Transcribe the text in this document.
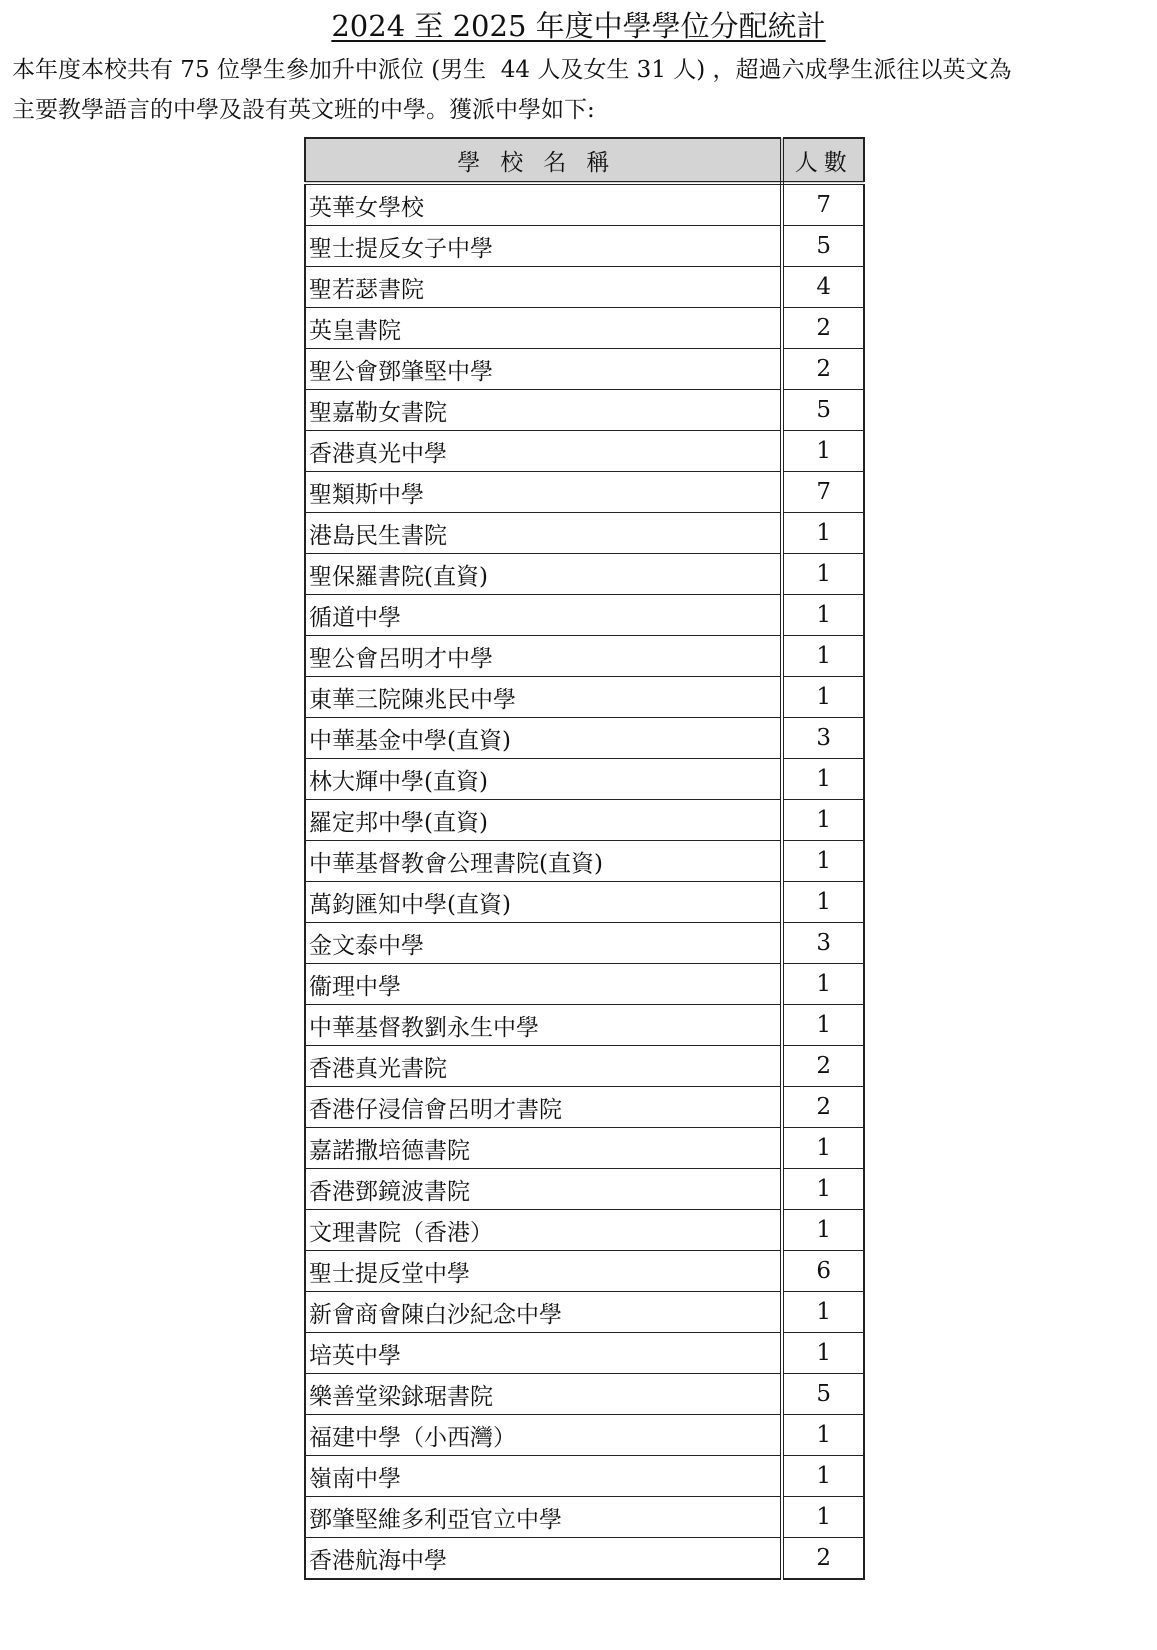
2024 至 2025 年度中學學位分配統計

本年度本校共有 75 位學生參加升中派位 (男生  44 人及女生 31 人) ，超過六成學生派往以英文為
主要教學語言的中學及設有英文班的中學。獲派中學如下:

學校名稱	人數
英華女學校	7
聖士提反女子中學	5
聖若瑟書院	4
英皇書院	2
聖公會鄧肇堅中學	2
聖嘉勒女書院	5
香港真光中學	1
聖類斯中學	7
港島民生書院	1
聖保羅書院(直資)	1
循道中學	1
聖公會呂明才中學	1
東華三院陳兆民中學	1
中華基金中學(直資)	3
林大輝中學(直資)	1
羅定邦中學(直資)	1
中華基督教會公理書院(直資)	1
萬鈞匯知中學(直資)	1
金文泰中學	3
衞理中學	1
中華基督教劉永生中學	1
香港真光書院	2
香港仔浸信會呂明才書院	2
嘉諾撒培德書院	1
香港鄧鏡波書院	1
文理書院（香港）	1
聖士提反堂中學	6
新會商會陳白沙紀念中學	1
培英中學	1
樂善堂梁銶琚書院	5
福建中學（小西灣）	1
嶺南中學	1
鄧肇堅維多利亞官立中學	1
香港航海中學	2
